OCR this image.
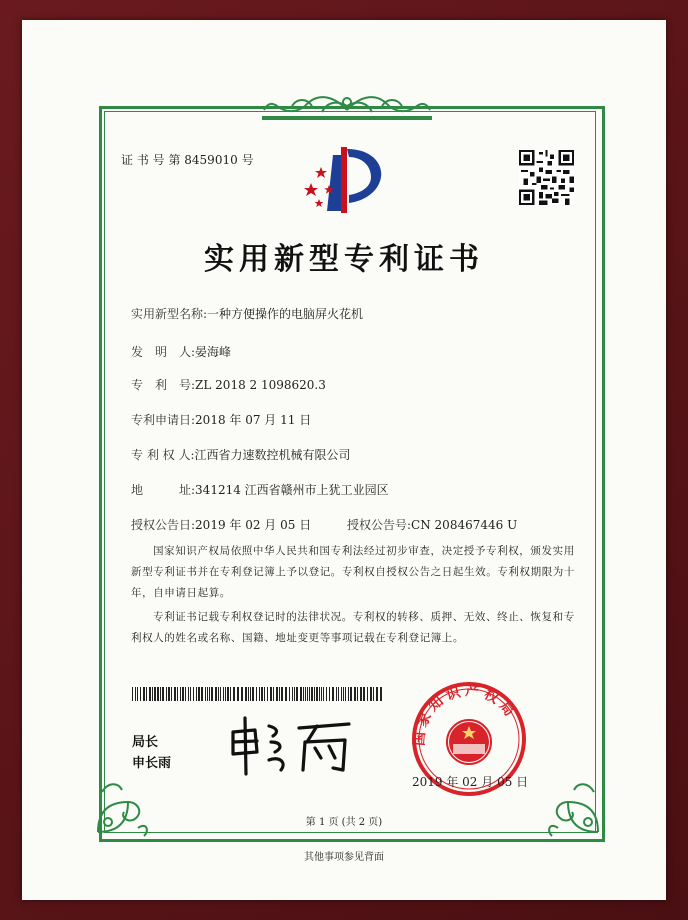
证 书 号 第 8459010 号
实用新型专利证书
实用新型名称:一种方便操作的电脑屏火花机
发　明　人:晏海峰
专　利　号:ZL 2018 2 1098620.3
专利申请日:2018 年 07 月 11 日
专 利 权 人:江西省力速数控机械有限公司
地　　　址:341214 江西省赣州市上犹工业园区
授权公告日:2019 年 02 月 05 日	授权公告号:CN 208467446 U
国家知识产权局依照中华人民共和国专利法经过初步审查，决定授予专利权，颁发实用新型专利证书并在专利登记簿上予以登记。专利权自授权公告之日起生效。专利权期限为十年，自申请日起算。
专利证书记载专利权登记时的法律状况。专利权的转移、质押、无效、终止、恢复和专利权人的姓名或名称、国籍、地址变更等事项记载在专利登记簿上。
局长
申长雨
国家知识产权局
2019 年 02 月 05 日
第 1 页 (共 2 页)
其他事项参见背面
